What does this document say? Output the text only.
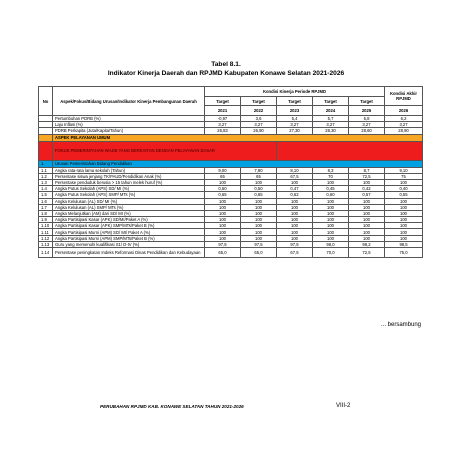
Tabel 8.1.
Indikator Kinerja Daerah dan RPJMD Kabupaten Konawe Selatan 2021-2026
No	Aspek/Fokus/Bidang Urusan/Indikator Kinerja Pembangunan Daerah	Kondisi Kinerja Periode RPJMD					Kondisi Akhir RPJMD
		Target	Target	Target	Target	Target	
		2021	2022	2023	2024	2025	2026
	Pertumbuhan PDRB (%)	-0,97	3,6	5,4	5,7	5,8	6,2
	Laju Inflasi (%)	3,27	3,27	3,27	3,27	3,27	3,27
	PDRB Perkapita (Juta/Kapita/Tahun)	26,83	26,90	27,30	28,30	28,60	28,90
	ASPEK PELAYANAN UMUM						
	FOKUS PEMERINTAHAN WAJIB YANG BERKAITAN DENGAN PELAYANAN DASAR						
1.	Urusan Pemerintahan Bidang Pendidikan						
1.1	Angka rata-rata lama sekolah (Tahun)	9,00	7,90	8,10	8,3	8,7	9,10
1.2	Persentase siswa jenjang TK/PAUD/Pendidikan Anak (%)	65	65	67,5	70	72,5	75
1.3	Persentase penduduk berusia > 15 tahun melek huruf (%)	100	100	100	100	100	100
1.4	Angka Putus Sekolah (APS) SD/ MI (%)	0,50	0,50	0,47	0,45	0,42	0,40
1.5	Angka Putus Sekolah (APS) SMP/ MTs (%)	0,65	0,65	0,62	0,60	0,57	0,55
1.6	Angka Kelulusan (AL) SD/ MI (%)	100	100	100	100	100	100
1.7	Angka Kelulusan (AL) SMP/ MTs (%)	100	100	100	100	100	100
1.8	Angka Melanjutkan (AM) dari SD/ MI (%)	100	100	100	100	100	100
1.9	Angka Partisipasi Kasar (APK) SD/MI/Paket A (%)	100	100	100	100	100	100
1.10	Angka Partisipasi Kasar (APK) SMP/MTs/Paket B (%)	100	100	100	100	100	100
1.11	Angka Partisipasi Murni (APM) SD/ MI/ Paket A (%)	100	100	100	100	100	100
1.12	Angka Partisipasi Murni (APM) SMP/MTs/Paket B (%)	100	100	100	100	100	100
1.13	Guru yang memenuhi kualifikasi S1/ D-IV (%)	97,5	97,5	97,5	98,0	98,2	98,5
1.14	Persentase peningkatan Indeks Reformasi Dinas Pendidikan dan Kebudayaan	65,0	65,0	67,5	70,0	72,5	75,0
... bersambung
PERUBAHAN RPJMD KAB. KONAWE SELATAN TAHUN 2021-2026	VIII-2
